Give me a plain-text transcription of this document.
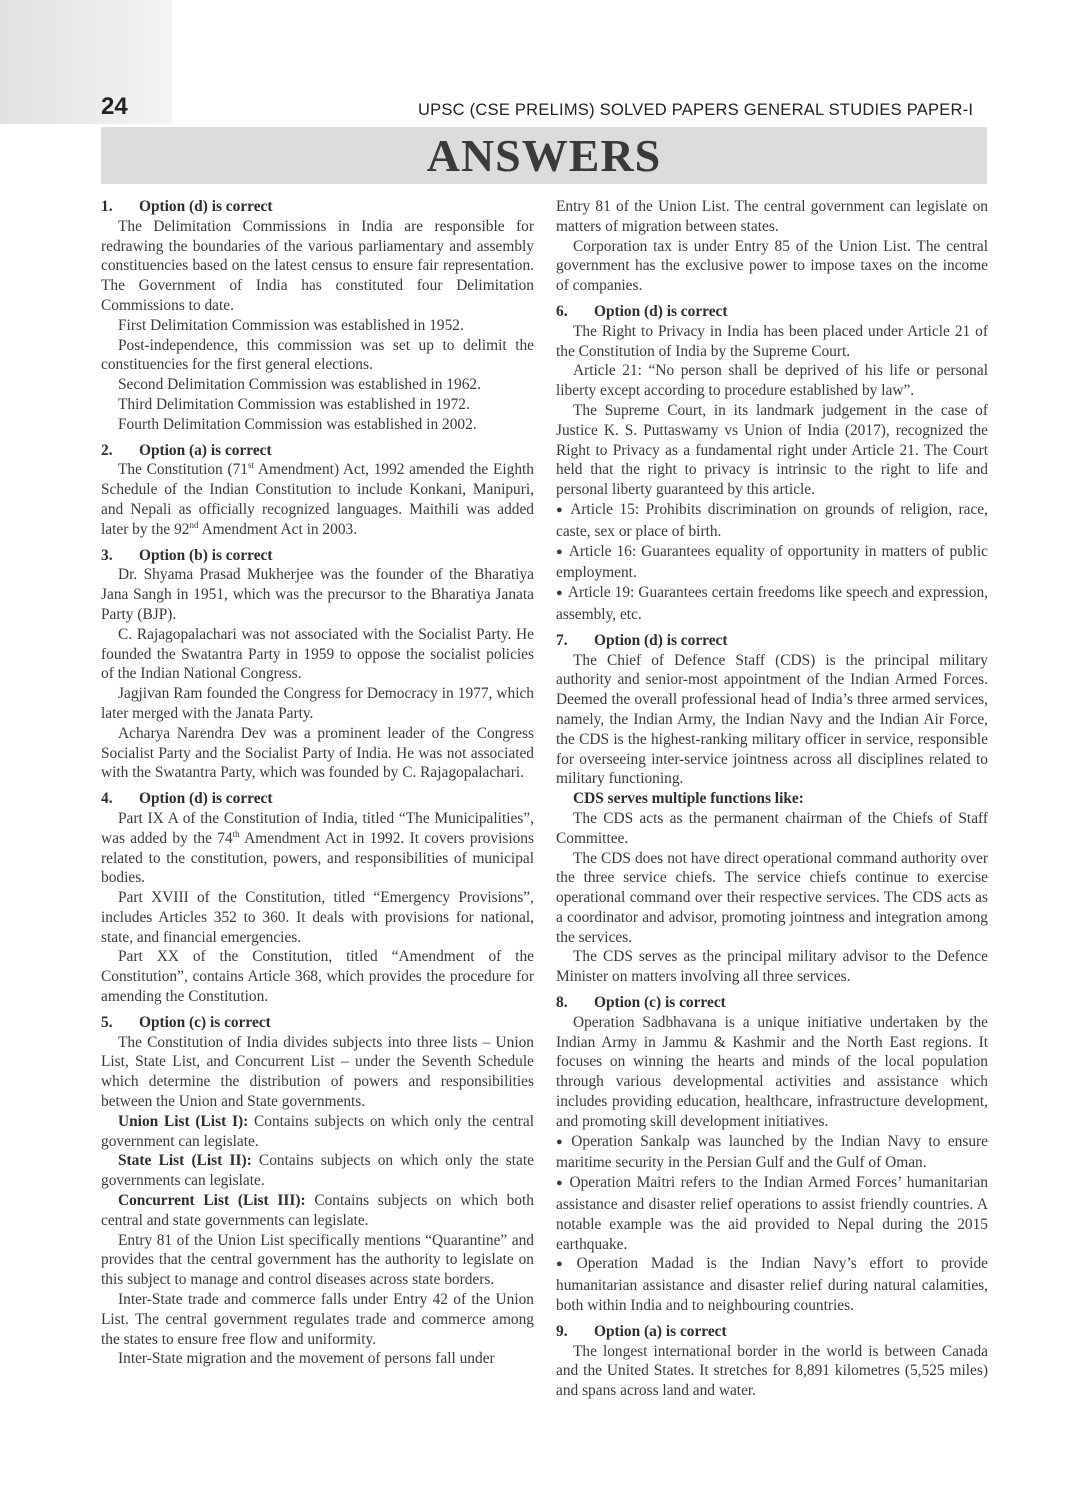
24	UPSC (CSE PRELIMS) SOLVED PAPERS GENERAL STUDIES PAPER-I
ANSWERS

1. Option (d) is correct

The Delimitation Commissions in India are responsible for redrawing the boundaries of the various parliamentary and assembly constituencies based on the latest census to ensure fair representation. The Government of India has constituted four Delimitation Commissions to date.

First Delimitation Commission was established in 1952.

Post-independence, this commission was set up to delimit the constituencies for the first general elections.

Second Delimitation Commission was established in 1962.

Third Delimitation Commission was established in 1972.

Fourth Delimitation Commission was established in 2002.

2. Option (a) is correct

The Constitution (71st Amendment) Act, 1992 amended the Eighth Schedule of the Indian Constitution to include Konkani, Manipuri, and Nepali as officially recognized languages. Maithili was added later by the 92nd Amendment Act in 2003.

3. Option (b) is correct

Dr. Shyama Prasad Mukherjee was the founder of the Bharatiya Jana Sangh in 1951, which was the precursor to the Bharatiya Janata Party (BJP).

C. Rajagopalachari was not associated with the Socialist Party. He founded the Swatantra Party in 1959 to oppose the socialist policies of the Indian National Congress.

Jagjivan Ram founded the Congress for Democracy in 1977, which later merged with the Janata Party.

Acharya Narendra Dev was a prominent leader of the Congress Socialist Party and the Socialist Party of India. He was not associated with the Swatantra Party, which was founded by C. Rajagopalachari.

4. Option (d) is correct

Part IX A of the Constitution of India, titled “The Municipalities”, was added by the 74th Amendment Act in 1992. It covers provisions related to the constitution, powers, and responsibilities of municipal bodies.

Part XVIII of the Constitution, titled “Emergency Provisions”, includes Articles 352 to 360. It deals with provisions for national, state, and financial emergencies.

Part XX of the Constitution, titled “Amendment of the Constitution”, contains Article 368, which provides the procedure for amending the Constitution.

5. Option (c) is correct

The Constitution of India divides subjects into three lists – Union List, State List, and Concurrent List – under the Seventh Schedule which determine the distribution of powers and responsibilities between the Union and State governments.

Union List (List I): Contains subjects on which only the central government can legislate.

State List (List II): Contains subjects on which only the state governments can legislate.

Concurrent List (List III): Contains subjects on which both central and state governments can legislate.

Entry 81 of the Union List specifically mentions “Quarantine” and provides that the central government has the authority to legislate on this subject to manage and control diseases across state borders.

Inter-State trade and commerce falls under Entry 42 of the Union List. The central government regulates trade and commerce among the states to ensure free flow and uniformity.

Inter-State migration and the movement of persons fall under

Entry 81 of the Union List. The central government can legislate on matters of migration between states.

Corporation tax is under Entry 85 of the Union List. The central government has the exclusive power to impose taxes on the income of companies.

6. Option (d) is correct

The Right to Privacy in India has been placed under Article 21 of the Constitution of India by the Supreme Court.

Article 21: “No person shall be deprived of his life or personal liberty except according to procedure established by law”.

The Supreme Court, in its landmark judgement in the case of Justice K. S. Puttaswamy vs Union of India (2017), recognized the Right to Privacy as a fundamental right under Article 21. The Court held that the right to privacy is intrinsic to the right to life and personal liberty guaranteed by this article.

● Article 15: Prohibits discrimination on grounds of religion, race, caste, sex or place of birth.

● Article 16: Guarantees equality of opportunity in matters of public employment.

● Article 19: Guarantees certain freedoms like speech and expression, assembly, etc.

7. Option (d) is correct

The Chief of Defence Staff (CDS) is the principal military authority and senior-most appointment of the Indian Armed Forces. Deemed the overall professional head of India’s three armed services, namely, the Indian Army, the Indian Navy and the Indian Air Force, the CDS is the highest-ranking military officer in service, responsible for overseeing inter-service jointness across all disciplines related to military functioning.

CDS serves multiple functions like:

The CDS acts as the permanent chairman of the Chiefs of Staff Committee.

The CDS does not have direct operational command authority over the three service chiefs. The service chiefs continue to exercise operational command over their respective services. The CDS acts as a coordinator and advisor, promoting jointness and integration among the services.

The CDS serves as the principal military advisor to the Defence Minister on matters involving all three services.

8. Option (c) is correct

Operation Sadbhavana is a unique initiative undertaken by the Indian Army in Jammu & Kashmir and the North East regions. It focuses on winning the hearts and minds of the local population through various developmental activities and assistance which includes providing education, healthcare, infrastructure development, and promoting skill development initiatives.

● Operation Sankalp was launched by the Indian Navy to ensure maritime security in the Persian Gulf and the Gulf of Oman.

● Operation Maitri refers to the Indian Armed Forces’ humanitarian assistance and disaster relief operations to assist friendly countries. A notable example was the aid provided to Nepal during the 2015 earthquake.

● Operation Madad is the Indian Navy’s effort to provide humanitarian assistance and disaster relief during natural calamities, both within India and to neighbouring countries.

9. Option (a) is correct

The longest international border in the world is between Canada and the United States. It stretches for 8,891 kilometres (5,525 miles) and spans across land and water.
